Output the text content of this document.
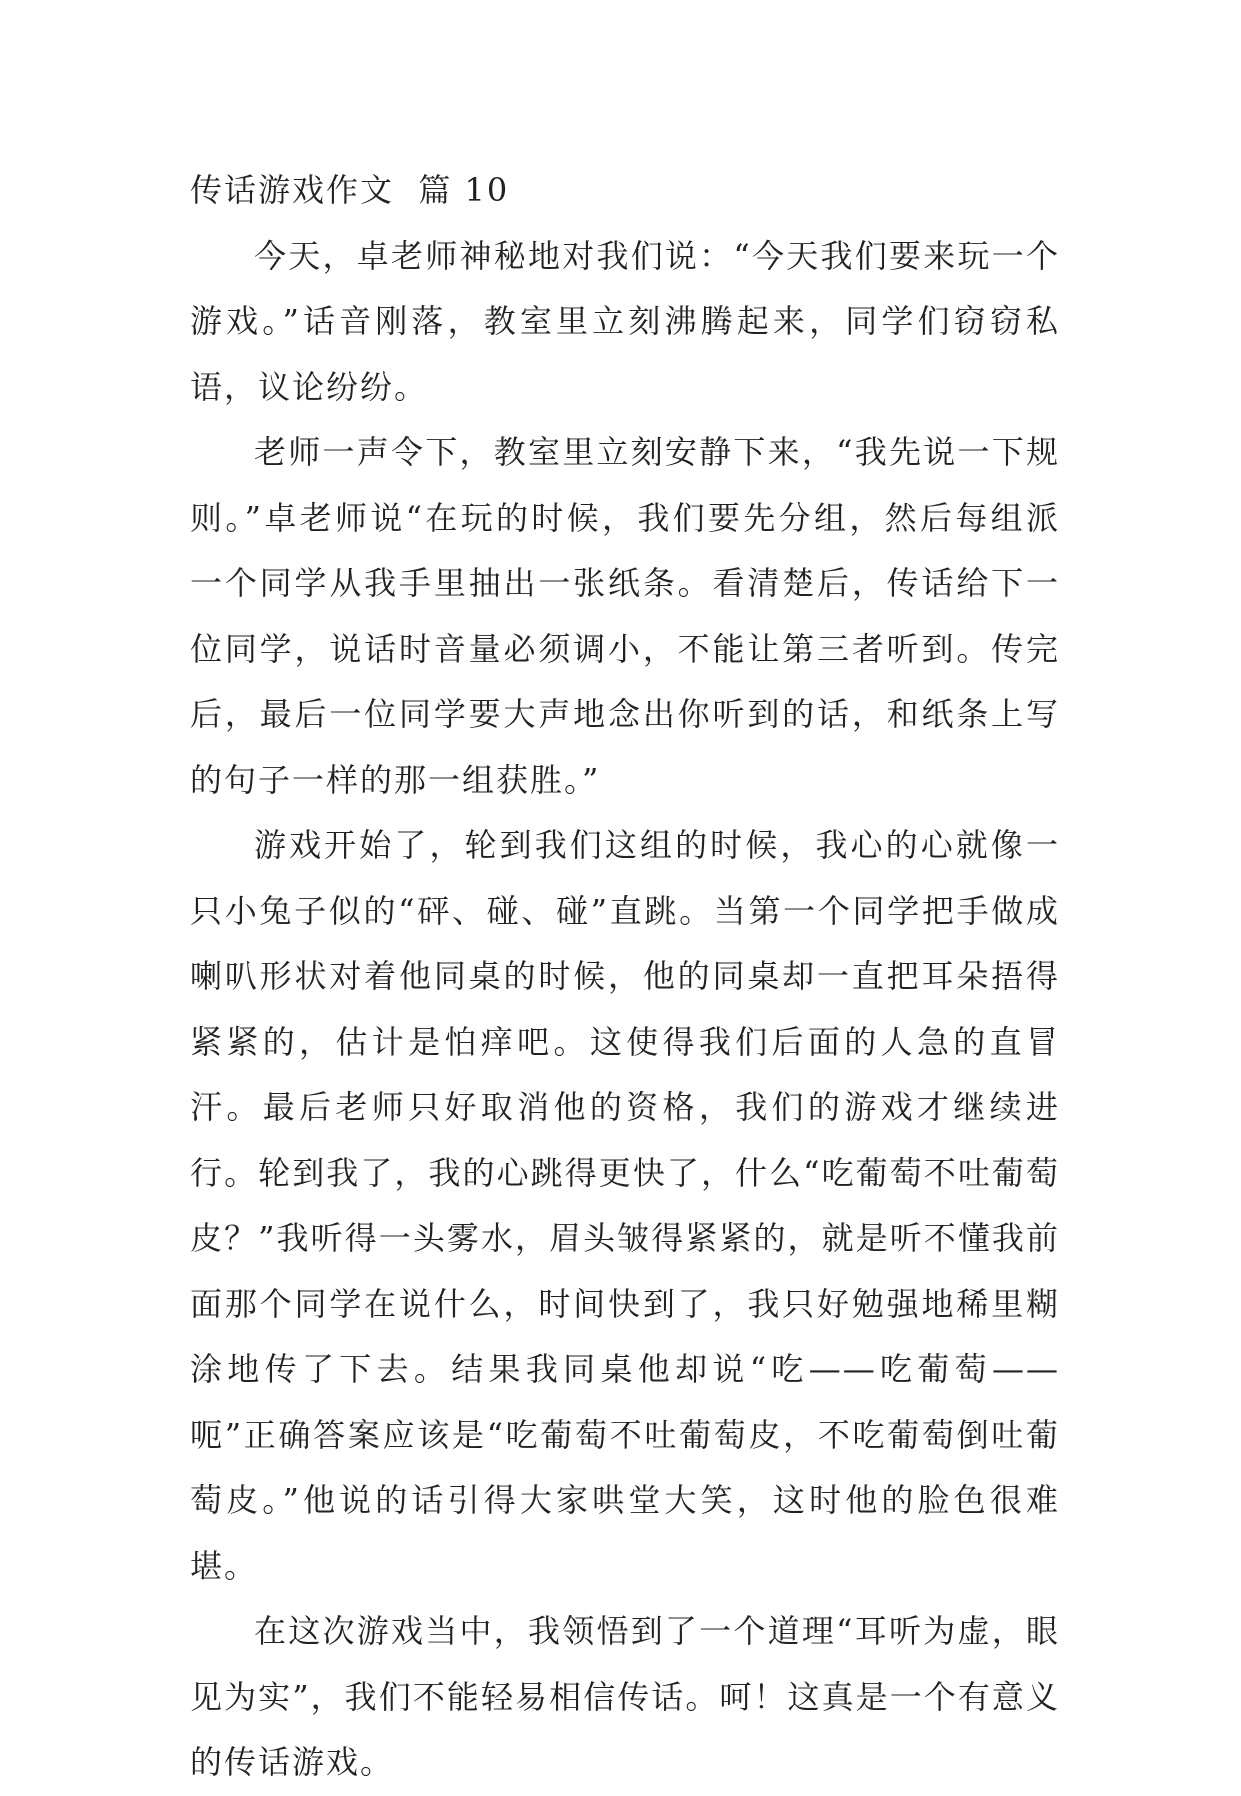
传话游戏作文  篇 10

今天，卓老师神秘地对我们说：“今天我们要来玩一个游戏。”话音刚落，教室里立刻沸腾起来，同学们窃窃私语，议论纷纷。

老师一声令下，教室里立刻安静下来，“我先说一下规则。”卓老师说“在玩的时候，我们要先分组，然后每组派一个同学从我手里抽出一张纸条。看清楚后，传话给下一位同学，说话时音量必须调小，不能让第三者听到。传完后，最后一位同学要大声地念出你听到的话，和纸条上写的句子一样的那一组获胜。”

游戏开始了，轮到我们这组的时候，我心的心就像一只小兔子似的“砰、碰、碰”直跳。当第一个同学把手做成喇叭形状对着他同桌的时候，他的同桌却一直把耳朵捂得紧紧的，估计是怕痒吧。这使得我们后面的人急的直冒汗。最后老师只好取消他的资格，我们的游戏才继续进行。轮到我了，我的心跳得更快了，什么“吃葡萄不吐葡萄皮？”我听得一头雾水，眉头皱得紧紧的，就是听不懂我前面那个同学在说什么，时间快到了，我只好勉强地稀里糊涂地传了下去。结果我同桌他却说“吃——吃葡萄——呃”正确答案应该是“吃葡萄不吐葡萄皮，不吃葡萄倒吐葡萄皮。”他说的话引得大家哄堂大笑，这时他的脸色很难堪。

在这次游戏当中，我领悟到了一个道理“耳听为虚，眼见为实”，我们不能轻易相信传话。呵！这真是一个有意义的传话游戏。
